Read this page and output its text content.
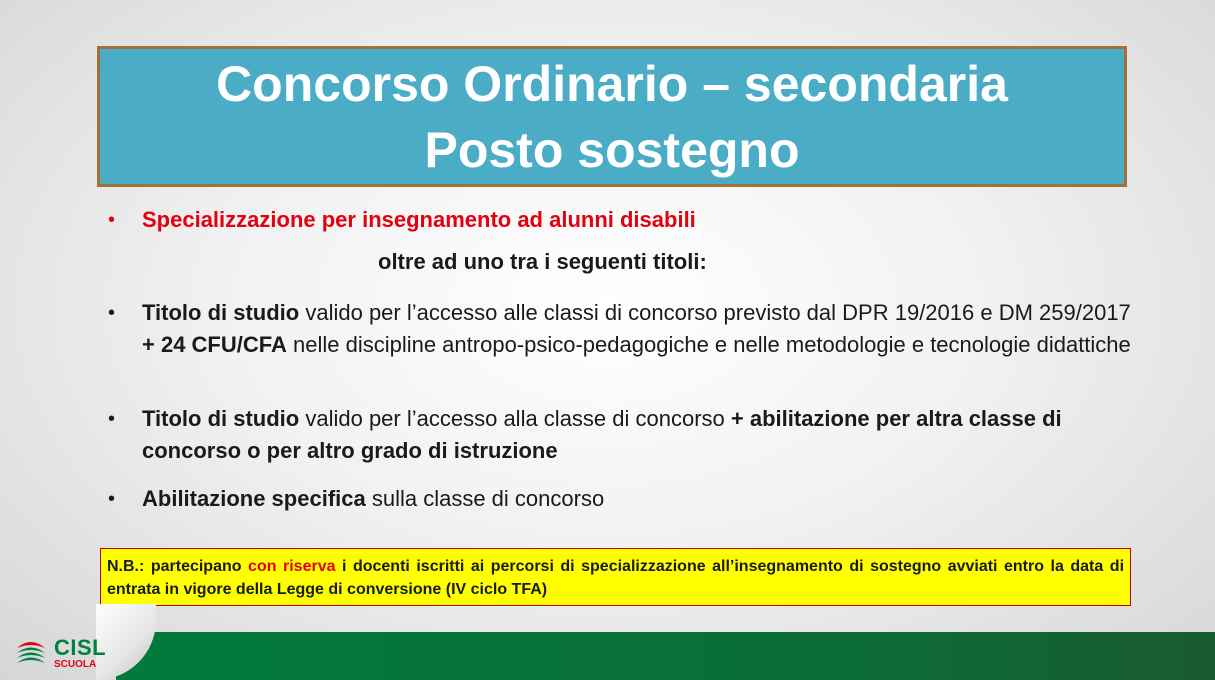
Concorso Ordinario – secondaria
Posto sostegno
•	Specializzazione per insegnamento ad alunni disabili
oltre ad uno tra i seguenti titoli:
•	Titolo di studio valido per l’accesso alle classi di concorso previsto dal DPR 19/2016 e DM 259/2017 + 24 CFU/CFA nelle discipline antropo-psico-pedagogiche e nelle metodologie e tecnologie didattiche
•	Titolo di studio valido per l’accesso alla classe di concorso + abilitazione per altra classe di concorso o per altro grado di istruzione
•	Abilitazione specifica sulla classe di concorso
N.B.: partecipano con riserva i docenti iscritti ai percorsi di specializzazione all’insegnamento di sostegno avviati entro la data di entrata in vigore della Legge di conversione (IV ciclo TFA)
CISL
SCUOLA
